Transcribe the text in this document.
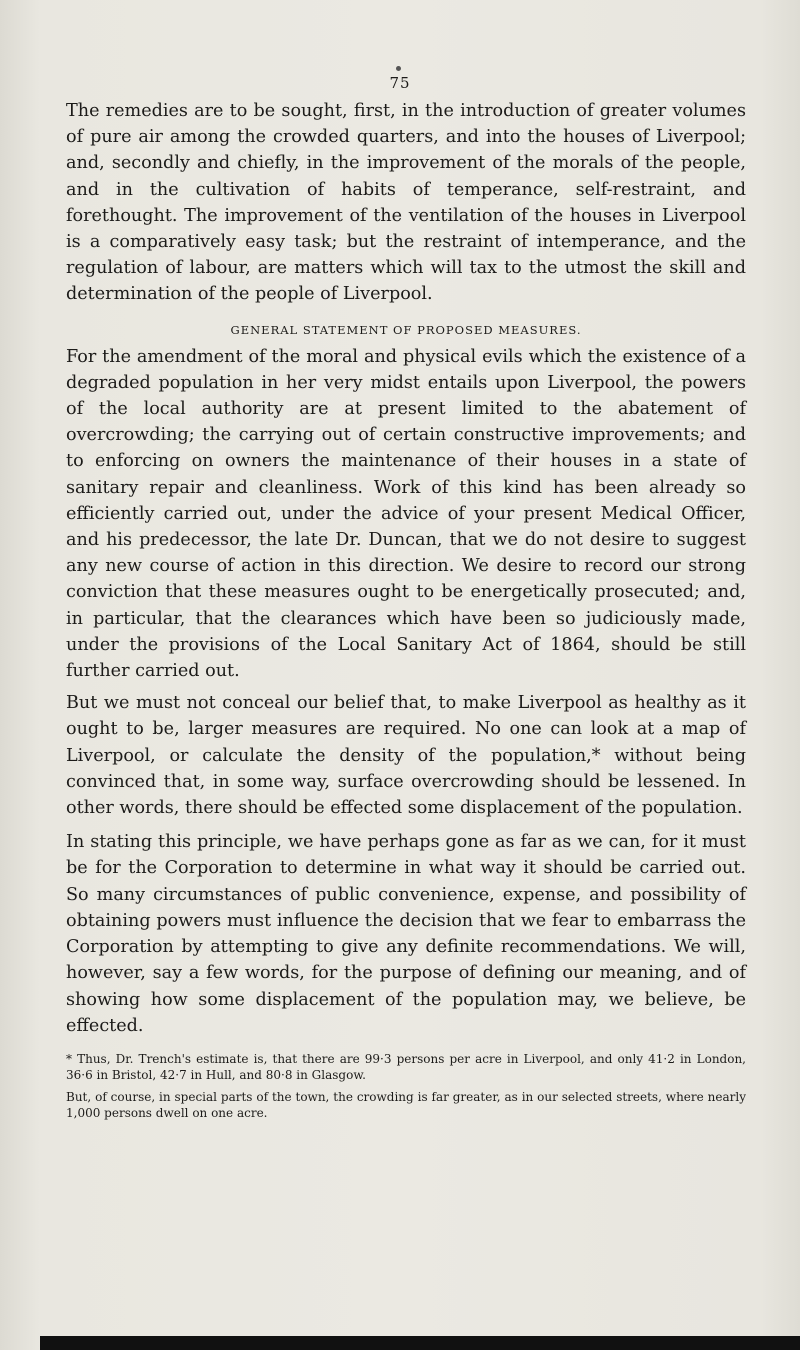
75

The remedies are to be sought, first, in the introduction of greater volumes of pure air among the crowded quarters, and into the houses of Liverpool; and, secondly and chiefly, in the improvement of the morals of the people, and in the cultivation of habits of temperance, self-restraint, and forethought. The improvement of the ventilation of the houses in Liverpool is a comparatively easy task; but the restraint of intemperance, and the regulation of labour, are matters which will tax to the utmost the skill and determination of the people of Liverpool.

GENERAL STATEMENT OF PROPOSED MEASURES.

For the amendment of the moral and physical evils which the existence of a degraded population in her very midst entails upon Liverpool, the powers of the local authority are at present limited to the abatement of overcrowding; the carrying out of certain constructive improvements; and to enforcing on owners the maintenance of their houses in a state of sanitary repair and cleanliness. Work of this kind has been already so efficiently carried out, under the advice of your present Medical Officer, and his predecessor, the late Dr. Duncan, that we do not desire to suggest any new course of action in this direction. We desire to record our strong conviction that these measures ought to be energetically prosecuted; and, in particular, that the clearances which have been so judiciously made, under the provisions of the Local Sanitary Act of 1864, should be still further carried out.

But we must not conceal our belief that, to make Liverpool as healthy as it ought to be, larger measures are required. No one can look at a map of Liverpool, or calculate the density of the population,* without being convinced that, in some way, surface overcrowding should be lessened. In other words, there should be effected some displacement of the population.

In stating this principle, we have perhaps gone as far as we can, for it must be for the Corporation to determine in what way it should be carried out. So many circumstances of public convenience, expense, and possibility of obtaining powers must influence the decision that we fear to embarrass the Corporation by attempting to give any definite recommendations. We will, however, say a few words, for the purpose of defining our meaning, and of showing how some displacement of the population may, we believe, be effected.

* Thus, Dr. Trench's estimate is, that there are 99·3 persons per acre in Liverpool, and only 41·2 in London, 36·6 in Bristol, 42·7 in Hull, and 80·8 in Glasgow.

But, of course, in special parts of the town, the crowding is far greater, as in our selected streets, where nearly 1,000 persons dwell on one acre.
